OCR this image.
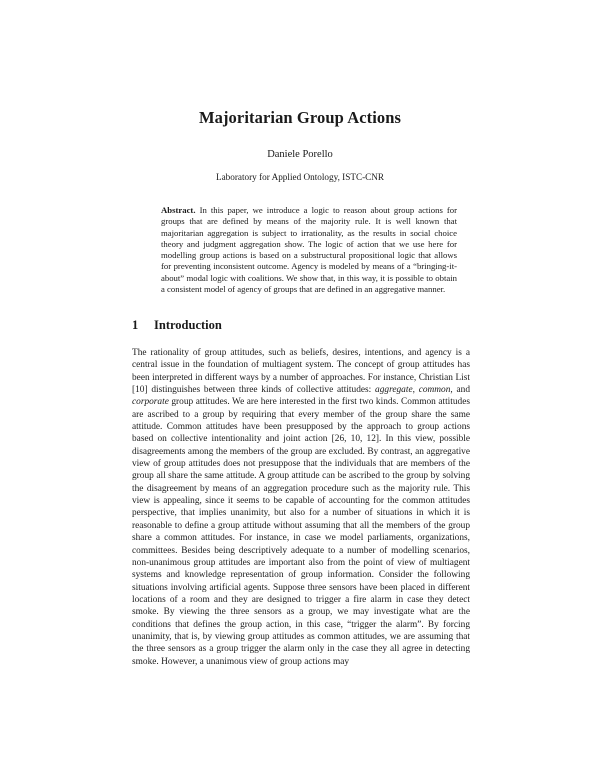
Majoritarian Group Actions
Daniele Porello
Laboratory for Applied Ontology, ISTC-CNR
Abstract. In this paper, we introduce a logic to reason about group actions for groups that are defined by means of the majority rule. It is well known that majoritarian aggregation is subject to irrationality, as the results in social choice theory and judgment aggregation show. The logic of action that we use here for modelling group actions is based on a substructural propositional logic that allows for preventing inconsistent outcome. Agency is modeled by means of a “bringing-it-about” modal logic with coalitions. We show that, in this way, it is possible to obtain a consistent model of agency of groups that are defined in an aggregative manner.
1 Introduction
The rationality of group attitudes, such as beliefs, desires, intentions, and agency is a central issue in the foundation of multiagent system. The concept of group attitudes has been interpreted in different ways by a number of approaches. For instance, Christian List [10] distinguishes between three kinds of collective attitudes: aggregate, common, and corporate group attitudes. We are here interested in the first two kinds. Common attitudes are ascribed to a group by requiring that every member of the group share the same attitude. Common attitudes have been presupposed by the approach to group actions based on collective intentionality and joint action [26, 10, 12]. In this view, possible disagreements among the members of the group are excluded. By contrast, an aggregative view of group attitudes does not presuppose that the individuals that are members of the group all share the same attitude. A group attitude can be ascribed to the group by solving the disagreement by means of an aggregation procedure such as the majority rule. This view is appealing, since it seems to be capable of accounting for the common attitudes perspective, that implies unanimity, but also for a number of situations in which it is reasonable to define a group attitude without assuming that all the members of the group share a common attitudes. For instance, in case we model parliaments, organizations, committees. Besides being descriptively adequate to a number of modelling scenarios, non-unanimous group attitudes are important also from the point of view of multiagent systems and knowledge representation of group information. Consider the following situations involving artificial agents. Suppose three sensors have been placed in different locations of a room and they are designed to trigger a fire alarm in case they detect smoke. By viewing the three sensors as a group, we may investigate what are the conditions that defines the group action, in this case, “trigger the alarm”. By forcing unanimity, that is, by viewing group attitudes as common attitudes, we are assuming that the three sensors as a group trigger the alarm only in the case they all agree in detecting smoke. However, a unanimous view of group actions may
